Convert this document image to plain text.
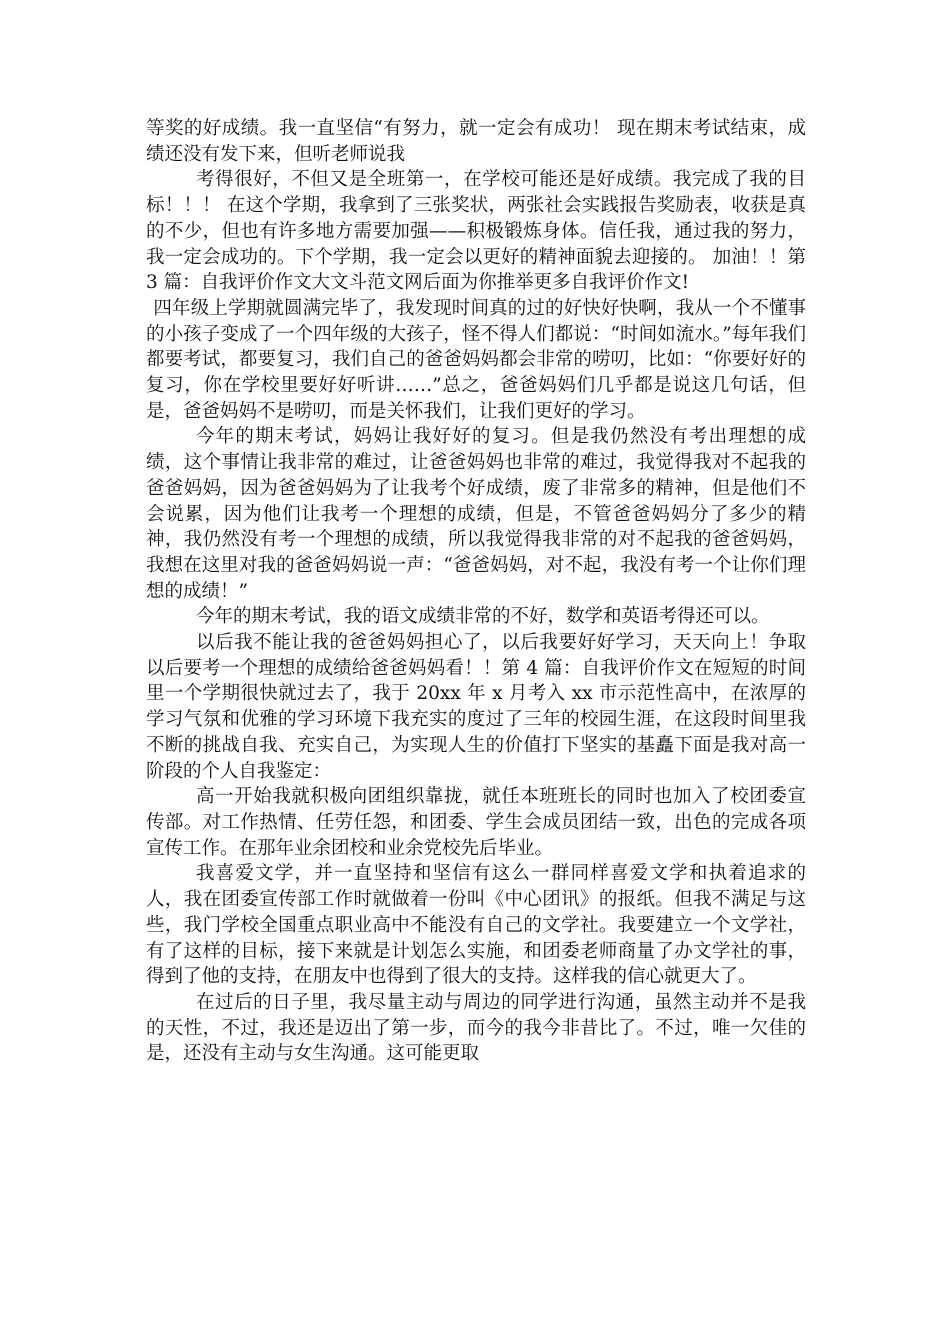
等奖的好成绩。我一直坚信“有努力，就一定会有成功！ 现在期末考试结束，成绩还没有发下来，但听老师说我

考得很好，不但又是全班第一，在学校可能还是好成绩。我完成了我的目标！！！ 在这个学期，我拿到了三张奖状，两张社会实践报告奖励表，收获是真的不少，但也有许多地方需要加强——积极锻炼身体。信任我，通过我的努力，我一定会成功的。下个学期，我一定会以更好的精神面貌去迎接的。 加油！！第 3 篇：自我评价作文大文斗范文网后面为你推举更多自我评价作文!

四年级上学期就圆满完毕了，我发现时间真的过的好快好快啊，我从一个不懂事的小孩子变成了一个四年级的大孩子，怪不得人们都说：“时间如流水。”每年我们都要考试，都要复习，我们自己的爸爸妈妈都会非常的唠叨，比如：“你要好好的复习，你在学校里要好好听讲……”总之，爸爸妈妈们几乎都是说这几句话，但是，爸爸妈妈不是唠叨，而是关怀我们，让我们更好的学习。

今年的期末考试，妈妈让我好好的复习。但是我仍然没有考出理想的成绩，这个事情让我非常的难过，让爸爸妈妈也非常的难过，我觉得我对不起我的爸爸妈妈，因为爸爸妈妈为了让我考个好成绩，废了非常多的精神，但是他们不会说累，因为他们让我考一个理想的成绩，但是，不管爸爸妈妈分了多少的精神，我仍然没有考一个理想的成绩，所以我觉得我非常的对不起我的爸爸妈妈，我想在这里对我的爸爸妈妈说一声：“爸爸妈妈，对不起，我没有考一个让你们理想的成绩！”

今年的期末考试，我的语文成绩非常的不好，数学和英语考得还可以。

以后我不能让我的爸爸妈妈担心了，以后我要好好学习，天天向上！争取以后要考一个理想的成绩给爸爸妈妈看！！第 4 篇：自我评价作文在短短的时间里一个学期很快就过去了，我于 20xx 年 x 月考入 xx 市示范性高中，在浓厚的学习气氛和优雅的学习环境下我充实的度过了三年的校园生涯，在这段时间里我不断的挑战自我、充实自己，为实现人生的价值打下坚实的基矗下面是我对高一阶段的个人自我鉴定：

高一开始我就积极向团组织靠拢，就任本班班长的同时也加入了校团委宣传部。对工作热情、任劳任怨，和团委、学生会成员团结一致，出色的完成各项宣传工作。在那年业余团校和业余党校先后毕业。

我喜爱文学，并一直坚持和坚信有这么一群同样喜爱文学和执着追求的人，我在团委宣传部工作时就做着一份叫《中心团讯》的报纸。但我不满足与这些，我门学校全国重点职业高中不能没有自己的文学社。我要建立一个文学社，有了这样的目标，接下来就是计划怎么实施，和团委老师商量了办文学社的事，得到了他的支持，在朋友中也得到了很大的支持。这样我的信心就更大了。

在过后的日子里，我尽量主动与周边的同学进行沟通，虽然主动并不是我的天性，不过，我还是迈出了第一步，而今的我今非昔比了。不过，唯一欠佳的是，还没有主动与女生沟通。这可能更取
